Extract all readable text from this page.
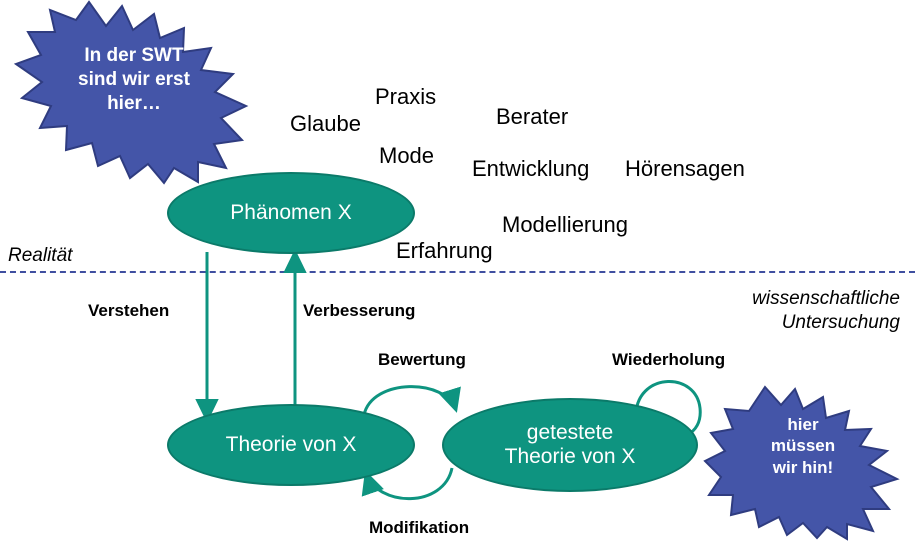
In der SWT
sind wir erst
hier…
hier
müssen
wir hin!
Phänomen X
Theorie von X
getestete
Theorie von X
Glaube
Praxis
Berater
Mode
Entwicklung Hörensagen
Modellierung
Erfahrung
Verstehen	Verbesserung
Bewertung
Modifikation
Wiederholung
Realität
wissenschaftliche
Untersuchung
